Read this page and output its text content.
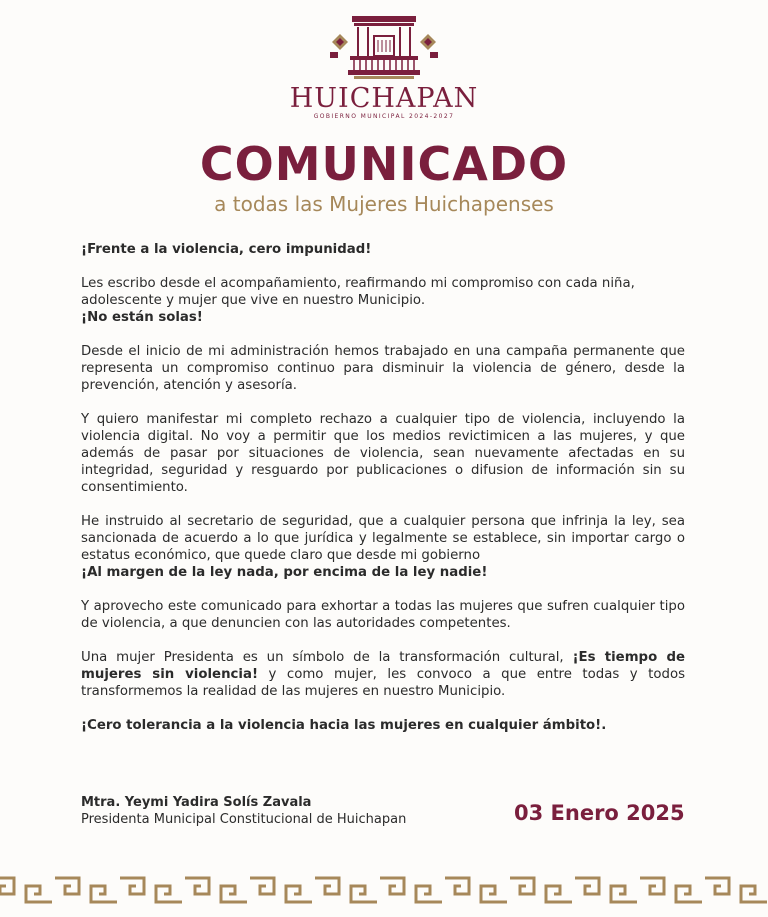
HUICHAPAN
GOBIERNO MUNICIPAL 2024-2027
COMUNICADO
a todas las Mujeres Huichapenses

¡Frente a la violencia, cero impunidad!

Les escribo desde el acompañamiento, reafirmando mi compromiso con cada niña, adolescente y mujer que vive en nuestro Municipio.
¡No están solas!

Desde el inicio de mi administración hemos trabajado en una campaña permanente que representa un compromiso continuo para disminuir la violencia de género, desde la prevención, atención y asesoría.

Y quiero manifestar mi completo rechazo a cualquier tipo de violencia, incluyendo la violencia digital. No voy a permitir que los medios revictimicen a las mujeres, y que además de pasar por situaciones de violencia, sean nuevamente afectadas en su integridad, seguridad y resguardo por publicaciones o difusion de información sin su consentimiento.

He instruido al secretario de seguridad, que a cualquier persona que infrinja la ley, sea sancionada de acuerdo a lo que jurídica y legalmente se establece, sin importar cargo o estatus económico, que quede claro que desde mi gobierno
¡Al margen de la ley nada, por encima de la ley nadie!

Y aprovecho este comunicado para exhortar a todas las mujeres que sufren cualquier tipo de violencia, a que denuncien con las autoridades competentes.

Una mujer Presidenta es un símbolo de la transformación cultural, ¡Es tiempo de mujeres sin violencia! y como mujer, les convoco a que entre todas y todos transformemos la realidad de las mujeres en nuestro Municipio.

¡Cero tolerancia a la violencia hacia las mujeres en cualquier ámbito!.

Mtra. Yeymi Yadira Solís Zavala
Presidenta Municipal Constitucional de Huichapan	03 Enero 2025
